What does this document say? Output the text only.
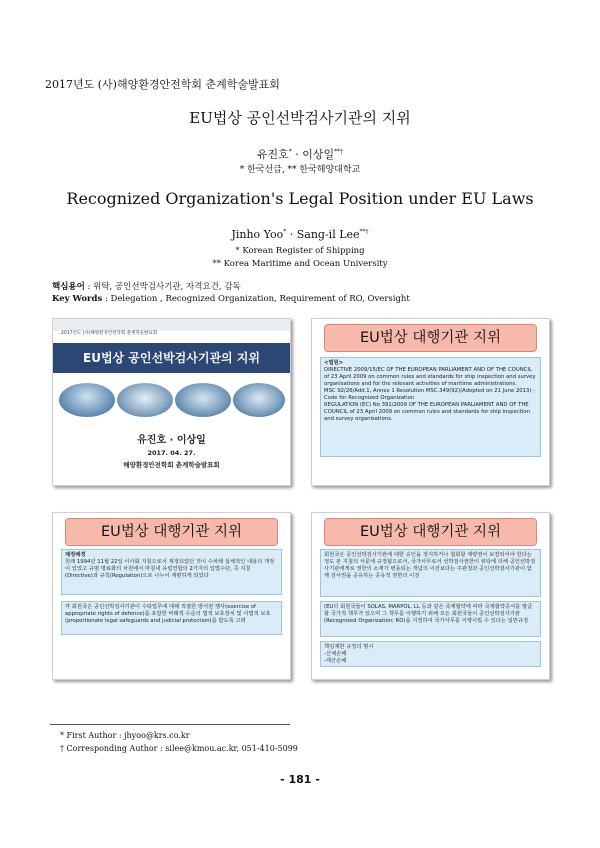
2017년도 (사)해양환경안전학회 춘계학술발표회
EU법상 공인선박검사기관의 지위
유진호* · 이상일**†
* 한국선급, ** 한국해양대학교
Recognized Organization's Legal Position under EU Laws
Jinho Yoo* · Sang-il Lee**†
* Korean Register of Shipping
** Korea Maritime and Ocean University
핵심용어 : 위탁, 공인선박검사기관, 자격요건, 감독
Key Words : Delegation , Recognized Organization, Requirement of RO, Oversight
2017년도 (사)해양환경안전학회 춘계학술발표회
EU법상 공인선박검사기관의 지위
유진호 · 이상일
2017. 04. 27.
해양환경안전학회 춘계학술발표회
EU법상 대행기관 지위
<법원>
DIRECTIVE 2009/15/EC OF THE EUROPEAN PARLIAMENT AND OF THE COUNCIL of 23 April 2009 on common rules and standards for ship inspection and survey organisations and for the relevant activities of maritime administrations.
MSC 92/26/Add.1, Annex 1 Resolution MSC.349(92)(Adopted on 21 June 2013) - Code for Recognized Organization
REGULATION (EC) No 391/2009 OF THE EUROPEAN PARLIAMENT AND OF THE COUNCIL of 23 April 2009 on common rules and standards for ship inspection and survey organisations.
EU법상 대행기관 지위
제정배경
원래 1994년 11월 22일 이사회 지침으로서 제정되었던 것이 수차례 실체적인 내용의 개정이 있었고 규범 명료화의 차원에서 마침내 유럽연합의 2가지의 입법수단, 즉 지침(Directive)과 규칙(Regulation)으로 나누어 재편하게 되었다
각 회원국은 공인선박검사기관이 수탁업무에 대해 적절한 방어권 행사(exercise of appropriate rights of defence)를 포함한 비례적 수준의 법적 보호장치 및 사법적 보호(proportionate legal safeguards and judicial protection)를 받도록 고려
EU법상 대행기관 지위
회원국은 공인선박검사기관에 대한 승인을 정지하거나 철회할 재량권이 보장되어야 한다는 정도 본 지침의 서문에 규정됨으로서, 국가사무로서 선박검사권한이 위탁에 의해 공인선박검사기관에게로 권한의 소재가 변동되는 개념의 이전보다는 주관청과 공인선박검사기관이 함께 검사권을 공유하는 공유적 권한의 이전
(EU의 회원국들이 SOLAS, MARPOL, LL 등과 같은 국제협약에 따라 국제협약증서를 발급할 국가적 책무가 있으며 그 책무를 이행하기 위해 모든 회원국들이 공인선박검사기관(Recognized Organization; RO)을 지정하여 국가사무를 이행시킬 수 있다는 일반규정
책임제한 규정의 명시
-신체손해
-재산손해
* First Author : jhyoo@krs.co.kr
† Corresponding Author : silee@kmou.ac.kr, 051-410-5099
- 181 -
